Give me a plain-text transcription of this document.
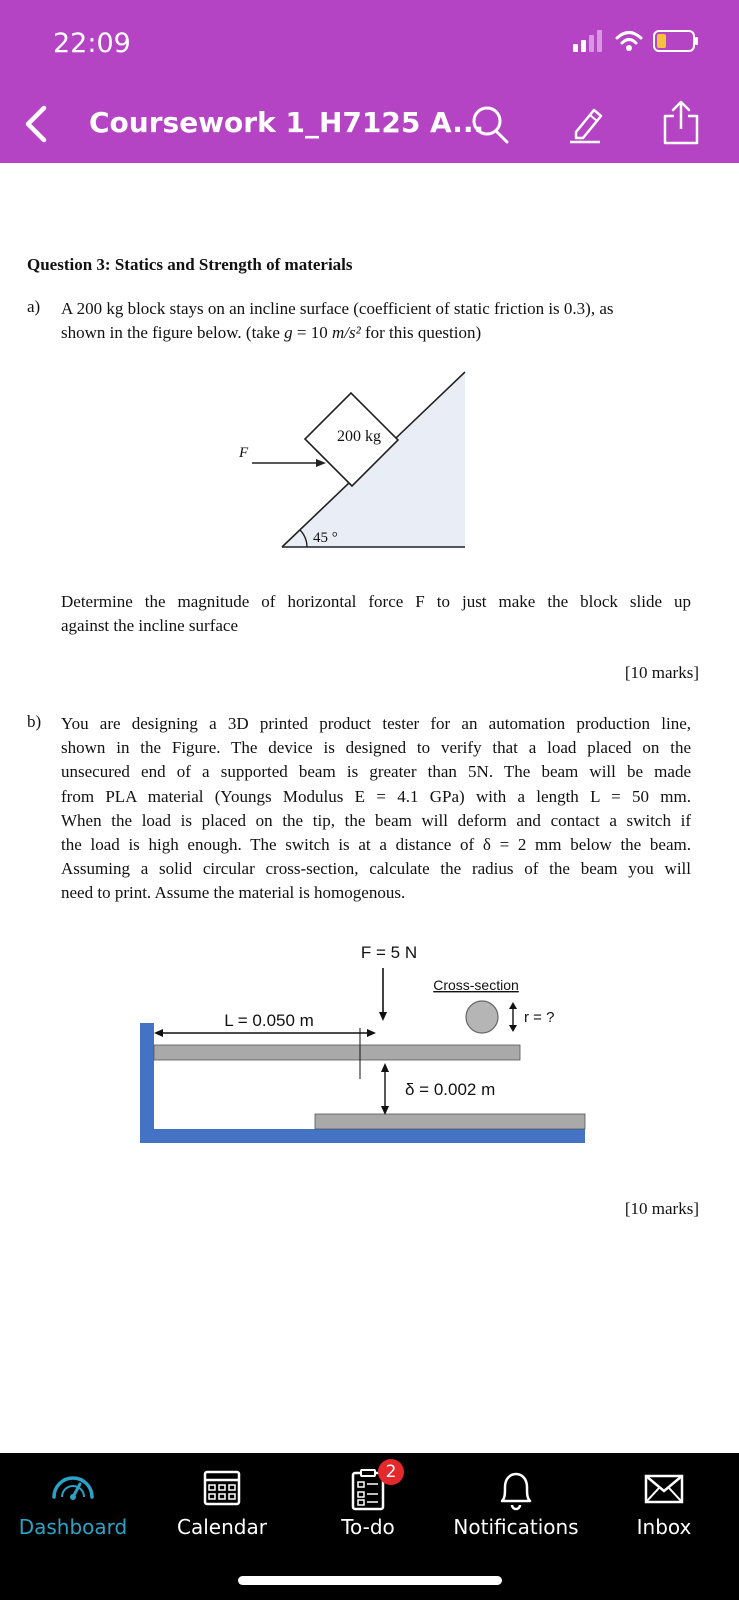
22:09
Coursework 1_H7125 A...
Question 3: Statics and Strength of materials
a) A 200 kg block stays on an incline surface (coefficient of static friction is 0.3), as
shown in the figure below. (take g = 10 m/s² for this question)
200 kg
F
45 °
Determine the magnitude of horizontal force F to just make the block slide up
against the incline surface
[10 marks]
b) You are designing a 3D printed product tester for an automation production line,
shown in the Figure. The device is designed to verify that a load placed on the
unsecured end of a supported beam is greater than 5N. The beam will be made
from PLA material (Youngs Modulus E = 4.1 GPa) with a length L = 50 mm.
When the load is placed on the tip, the beam will deform and contact a switch if
the load is high enough. The switch is at a distance of δ = 2 mm below the beam.
Assuming a solid circular cross-section, calculate the radius of the beam you will
need to print. Assume the material is homogenous.
L = 0.050 m
F = 5 N
δ = 0.002 m
Cross-section
r = ?
[10 marks]
Dashboard	Calendar
2
To-do	Notifications	Inbox
